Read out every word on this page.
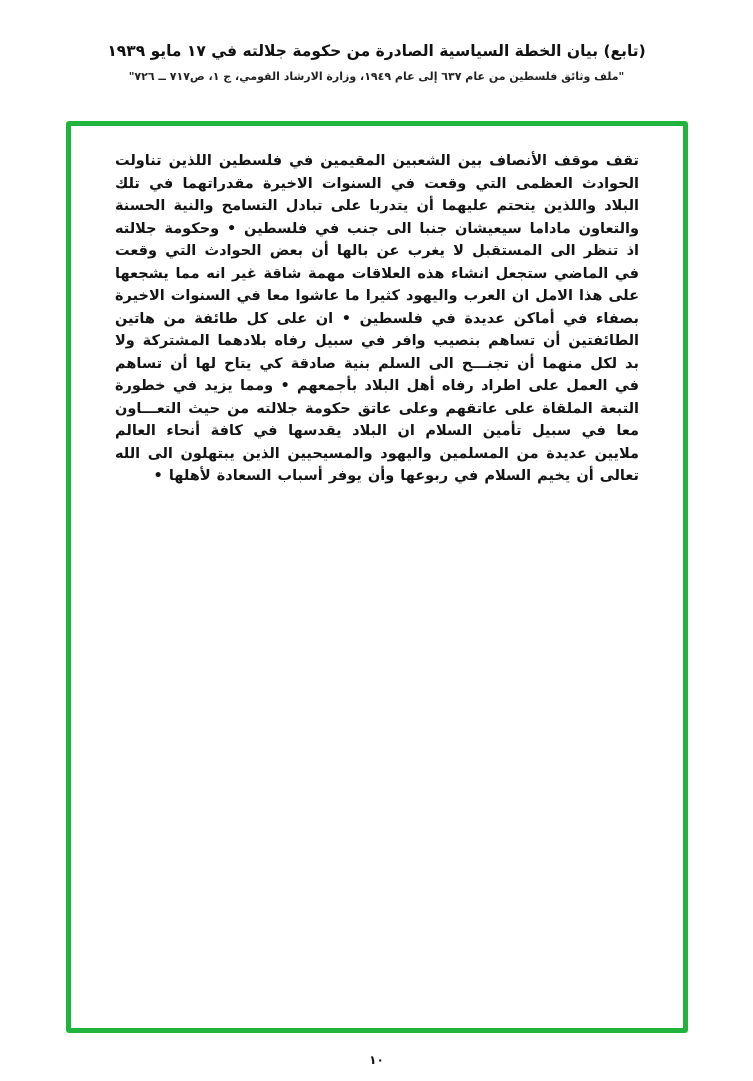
(تابع) بيان الخطة السياسية الصادرة من حكومة جلالته في ١٧ مايو ١٩٣٩
"ملف وثائق فلسطين من عام ٦٣٧ إلى عام ١٩٤٩، وزارة الارشاد القومي، ج ١، ص٧١٧ ــ ٧٢٦"
تقف موقف الأنصاف بين الشعبين المقيمين في فلسطين اللذين تناولت الحوادث العظمى التي وقعت في السنوات الاخيرة مقدراتهما في تلك البلاد واللذين يتحتم عليهما أن يتدربا على تبادل التسامح والنية الحسنة والتعاون ماداما سيعيشان جنبا الى جنب في فلسطين • وحكومة جلالته اذ تنظر الى المستقبل لا يغرب عن بالها أن بعض الحوادث التي وقعت في الماضي ستجعل انشاء هذه العلاقات مهمة شاقة غير انه مما يشجعها على هذا الامل ان العرب واليهود كثيرا ما عاشوا معا في السنوات الاخيرة بصفاء في أماكن عديدة في فلسطين • ان على كل طائفة من هاتين الطائفتين أن تساهم بنصيب وافر في سبيل رفاه بلادهما المشتركة ولا بد لكل منهما أن تجنـــح الى السلم بنية صادقة كي يتاح لها أن تساهم في العمل على اطراد رفاه أهل البلاد بأجمعهم • ومما يزيد في خطورة التبعة الملقاة على عاتقهم وعلى عاتق حكومة جلالته من حيث التعـــاون معا في سبيل تأمين السلام ان البلاد يقدسها في كافة أنحاء العالم ملايين عديدة من المسلمين واليهود والمسيحيين الذين يبتهلون الى الله تعالى أن يخيم السلام في ربوعها وأن يوفر أسباب السعادة لأهلها •
١٠
